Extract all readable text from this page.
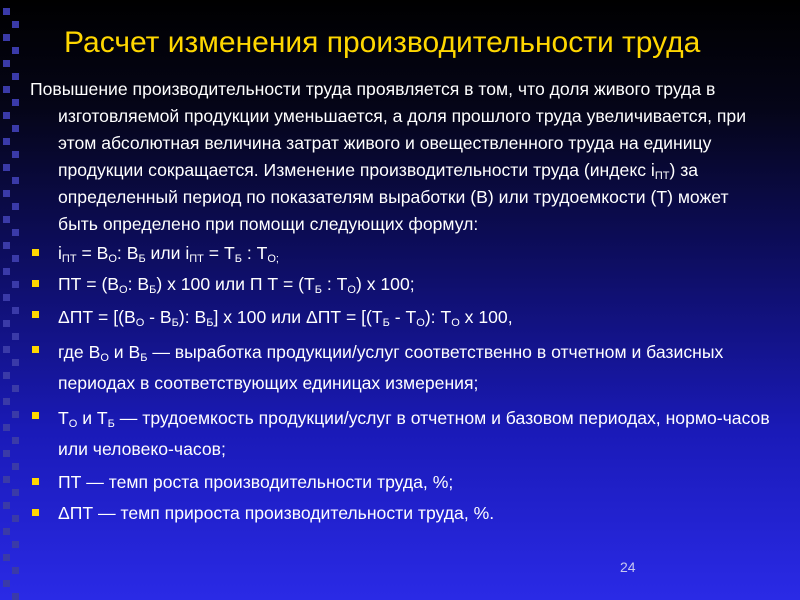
Расчет изменения производительности труда

Повышение производительности труда проявляется в том, что доля живого труда в изготовляемой продукции уменьшается, а доля прошлого труда увеличивается, при этом абсолютная величина затрат живого и овеществленного труда на единицу продукции сокращается. Изменение производительности труда (индекс $i_{ПТ}$) за определенный период по показателям выработки (В) или трудоемкости (Т) может быть определено при помощи следующих формул:

$i_{ПТ} = В_О$: $В_Б$ или $i_{ПТ} = Т_Б$ : $Т_{О;}$
ПТ = ($В_О$: $В_Б$) х 100 или П $Т = (Т_Б$ : $Т_О$) х 100;
$\Delta ПТ = [(В_О - В_Б)$: $В_Б$] х 100 или $\Delta ПТ = [(Т_Б - Т_О)$: $Т_О$ х 100,
где $В_О$ и $В_Б$ — выработка продукции/услуг соответственно в отчетном и базисных периодах в соответствующих единицах измерения;
$Т_О$ и $Т_Б$ — трудоемкость продукции/услуг в отчетном и базовом периодах, нормо-часов или человеко-часов;
ПТ — темп роста производительности труда, %;
ΔПТ — темп прироста производительности труда, %.
24
